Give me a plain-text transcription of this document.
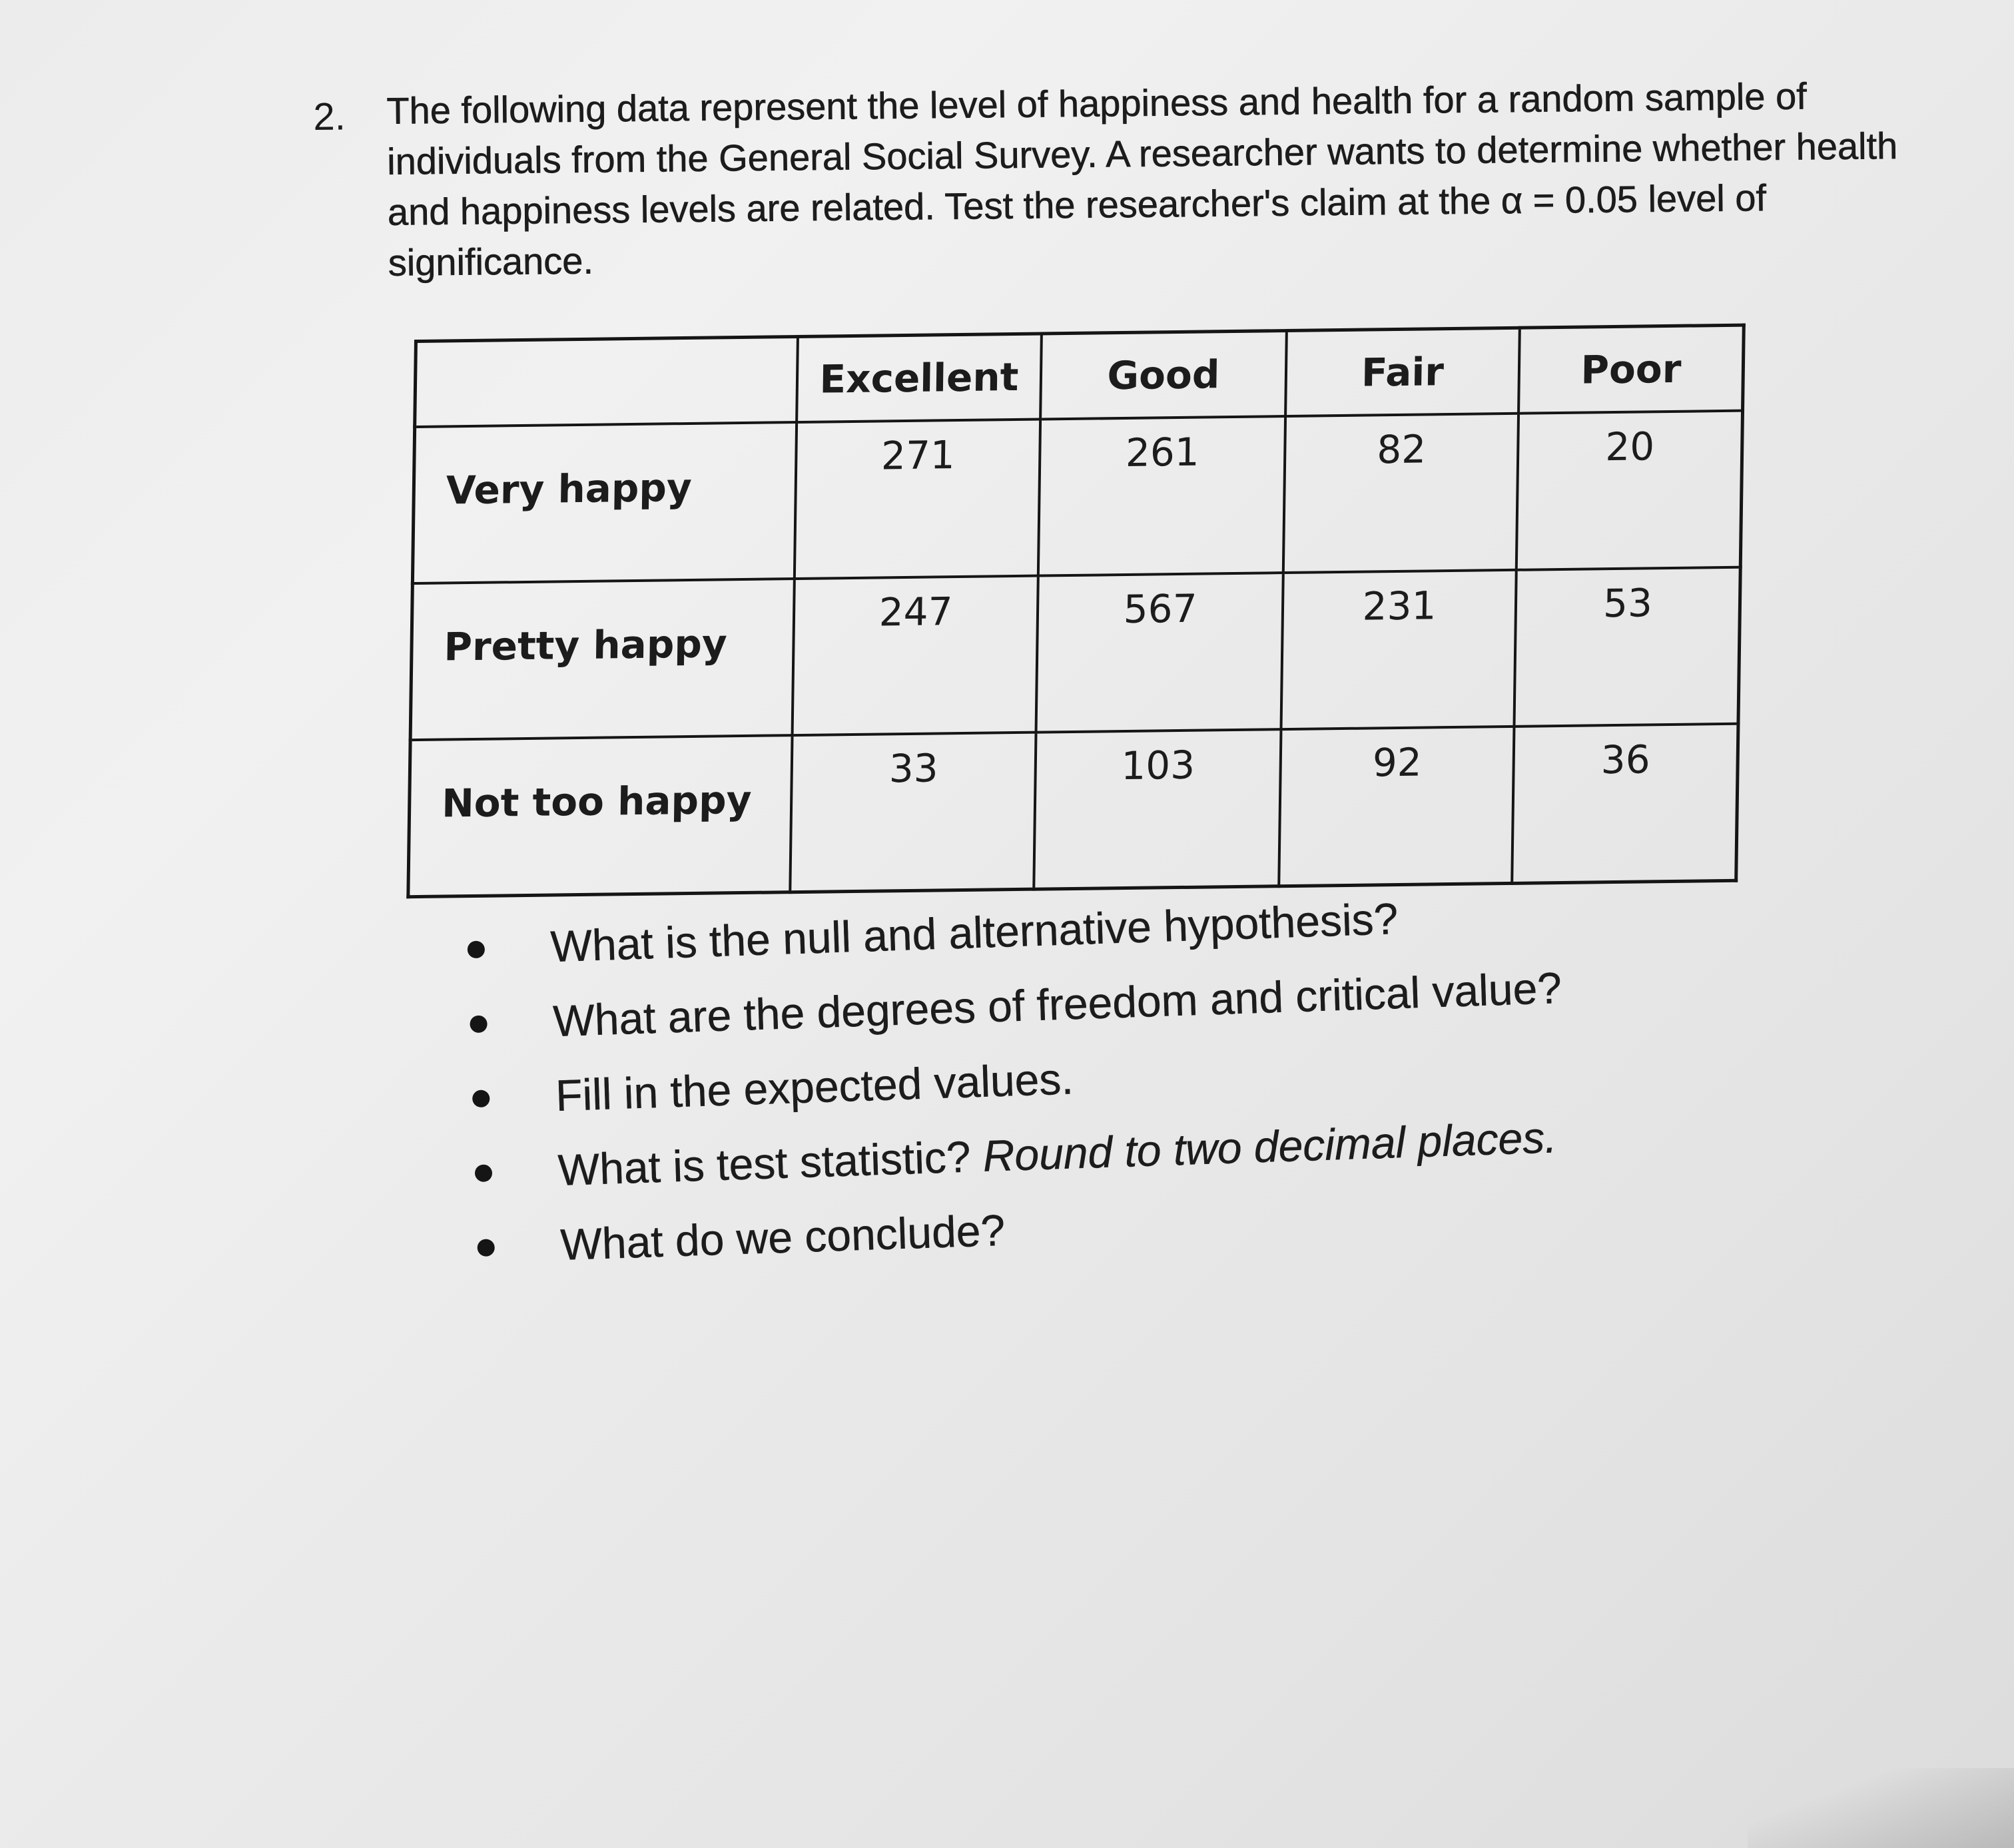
2. The following data represent the level of happiness and health for a random sample of individuals from the General Social Survey. A researcher wants to determine whether health and happiness levels are related. Test the researcher's claim at the α = 0.05 level of significance.
	Excellent	Good	Fair	Poor
Very happy	271	261	82	20
Pretty happy	247	567	231	53
Not too happy	33	103	92	36
What is the null and alternative hypothesis?
What are the degrees of freedom and critical value?
Fill in the expected values.
What is test statistic? Round to two decimal places.
What do we conclude?
